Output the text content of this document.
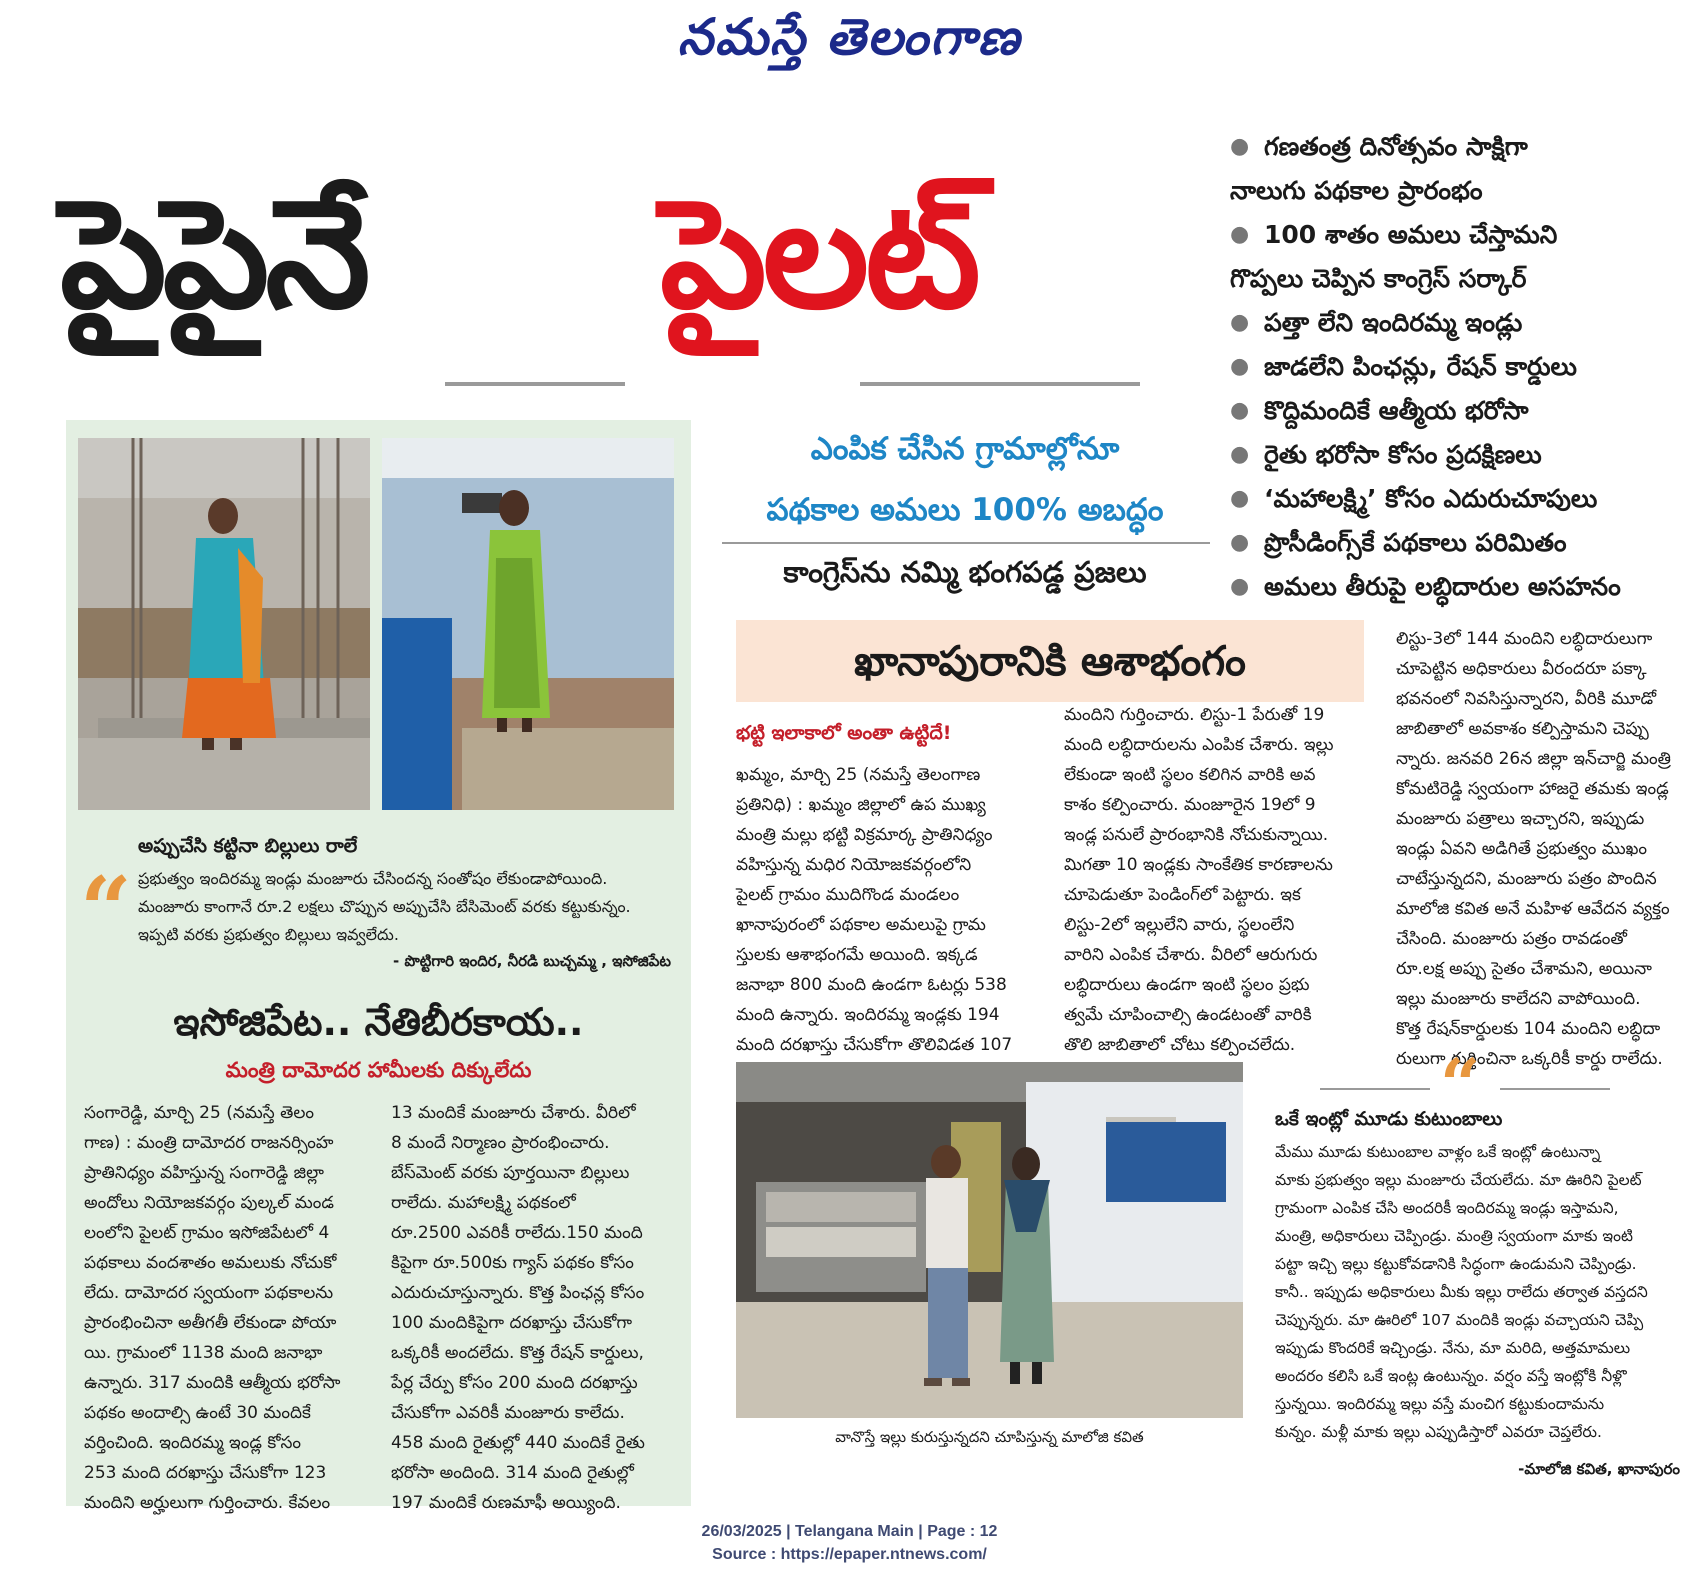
నమస్తే తెలంగాణ
పైపైనే పైలట్
● గణతంత్ర దినోత్సవం సాక్షిగా
నాలుగు పథకాల ప్రారంభం
● 100 శాతం అమలు చేస్తామని
గొప్పలు చెప్పిన కాంగ్రెస్ సర్కార్
● పత్తా లేని ఇందిరమ్మ ఇండ్లు
● జాడలేని పింఛన్లు, రేషన్ కార్డులు
● కొద్దిమందికే ఆత్మీయ భరోసా
● రైతు భరోసా కోసం ప్రదక్షిణలు
● ‘మహాలక్ష్మి’ కోసం ఎదురుచూపులు
● ప్రొసీడింగ్స్‌కే పథకాలు పరిమితం
● అమలు తీరుపై లబ్ధిదారుల అసహనం
“
అప్పుచేసి కట్టినా బిల్లులు రాలే
ప్రభుత్వం ఇందిరమ్మ ఇండ్లు మంజూరు చేసిందన్న సంతోషం లేకుండాపోయింది.
మంజూరు కాంగానే రూ.2 లక్షలు చొప్పున అప్పుచేసి బేసిమెంట్ వరకు కట్టుకున్నం.
ఇప్పటి వరకు ప్రభుత్వం బిల్లులు ఇవ్వలేదు.
- పొట్టిగారి ఇందిర, నీరడి బుచ్చమ్మ , ఇసోజిపేట
ఇసోజిపేట.. నేతిబీరకాయ..
మంత్రి దామోదర హామీలకు దిక్కులేదు
సంగారెడ్డి, మార్చి 25 (నమస్తే తెలం
గాణ) : మంత్రి దామోదర రాజనర్సింహ
ప్రాతినిధ్యం వహిస్తున్న సంగారెడ్డి జిల్లా
అందోలు నియోజకవర్గం పుల్కల్ మండ
లంలోని పైలట్ గ్రామం ఇసోజిపేటలో 4
పథకాలు వందశాతం అమలుకు నోచుకో
లేదు. దామోదర స్వయంగా పథకాలను
ప్రారంభించినా అతీగతీ లేకుండా పోయా
యి. గ్రామంలో 1138 మంది జనాభా
ఉన్నారు. 317 మందికి ఆత్మీయ భరోసా
పథకం అందాల్సి ఉంటే 30 మందికే
వర్తించింది. ఇందిరమ్మ ఇండ్ల కోసం
253 మంది దరఖాస్తు చేసుకోగా 123
మందిని అర్హులుగా గుర్తించారు. కేవలం
13 మందికే మంజూరు చేశారు. వీరిలో
8 మందే నిర్మాణం ప్రారంభించారు.
బేస్‌మెంట్ వరకు పూర్తయినా బిల్లులు
రాలేదు. మహాలక్ష్మి పథకంలో
రూ.2500 ఎవరికీ రాలేదు.150 మంది
కిపైగా రూ.500కు గ్యాస్ పథకం కోసం
ఎదురుచూస్తున్నారు. కొత్త పింఛన్ల కోసం
100 మందికిపైగా దరఖాస్తు చేసుకోగా
ఒక్కరికీ అందలేదు. కొత్త రేషన్ కార్డులు,
పేర్ల చేర్పు కోసం 200 మంది దరఖాస్తు
చేసుకోగా ఎవరికీ మంజూరు కాలేదు.
458 మంది రైతుల్లో 440 మందికే రైతు
భరోసా అందింది. 314 మంది రైతుల్లో
197 మందికే రుణమాఫీ అయ్యింది.
ఎంపిక చేసిన గ్రామాల్లోనూ
పథకాల అమలు 100% అబద్ధం
కాంగ్రెస్‌ను నమ్మి భంగపడ్డ ప్రజలు
ఖానాపురానికి ఆశాభంగం
భట్టి ఇలాకాలో అంతా ఉట్టిదే!
ఖమ్మం, మార్చి 25 (నమస్తే తెలంగాణ
ప్రతినిధి) : ఖమ్మం జిల్లాలో ఉప ముఖ్య
మంత్రి మల్లు భట్టి విక్రమార్క ప్రాతినిధ్యం
వహిస్తున్న మధిర నియోజకవర్గంలోని
పైలట్ గ్రామం ముదిగొండ మండలం
ఖానాపురంలో పథకాల అమలుపై గ్రామ
స్తులకు ఆశాభంగమే అయింది. ఇక్కడ
జనాభా 800 మంది ఉండగా ఓటర్లు 538
మంది ఉన్నారు. ఇందిరమ్మ ఇండ్లకు 194
మంది దరఖాస్తు చేసుకోగా తొలివిడత 107
మందిని గుర్తించారు. లిస్టు-1 పేరుతో 19
మంది లబ్ధిదారులను ఎంపిక చేశారు. ఇల్లు
లేకుండా ఇంటి స్థలం కలిగిన వారికి అవ
కాశం కల్పించారు. మంజూరైన 19లో 9
ఇండ్ల పనులే ప్రారంభానికి నోచుకున్నాయి.
మిగతా 10 ఇండ్లకు సాంకేతిక కారణాలను
చూపెడుతూ పెండింగ్‌లో పెట్టారు. ఇక
లిస్టు-2లో ఇల్లులేని వారు, స్థలంలేని
వారిని ఎంపిక చేశారు. వీరిలో ఆరుగురు
లబ్ధిదారులు ఉండగా ఇంటి స్థలం ప్రభు
త్వమే చూపించాల్సి ఉండటంతో వారికి
తొలి జాబితాలో చోటు కల్పించలేదు.
లిస్టు-3లో 144 మందిని లబ్ధిదారులుగా
చూపెట్టిన అధికారులు వీరందరూ పక్కా
భవనంలో నివసిస్తున్నారని, వీరికి మూడో
జాబితాలో అవకాశం కల్పిస్తామని చెప్పు
న్నారు. జనవరి 26న జిల్లా ఇన్‌చార్జి మంత్రి
కోమటిరెడ్డి స్వయంగా హాజరై తమకు ఇండ్ల
మంజూరు పత్రాలు ఇచ్చారని, ఇప్పుడు
ఇండ్లు ఏవని అడిగితే ప్రభుత్వం ముఖం
చాటేస్తున్నదని, మంజూరు పత్రం పొందిన
మాలోజి కవిత అనే మహిళ ఆవేదన వ్యక్తం
చేసింది. మంజూరు పత్రం రావడంతో
రూ.లక్ష అప్పు సైతం చేశామని, అయినా
ఇల్లు మంజూరు కాలేదని వాపోయింది.
కొత్త రేషన్‌కార్డులకు 104 మందిని లబ్ధిదా
రులుగా గుర్తించినా ఒక్కరికీ కార్డు రాలేదు.
వానొస్తే ఇల్లు కురుస్తున్నదని చూపిస్తున్న మాలోజి కవిత
“
ఒకే ఇంట్లో మూడు కుటుంబాలు
మేము మూడు కుటుంబాల వాళ్లం ఒకే ఇంట్లో ఉంటున్నా
మాకు ప్రభుత్వం ఇల్లు మంజూరు చేయలేదు. మా ఊరిని పైలట్
గ్రామంగా ఎంపిక చేసి అందరికీ ఇందిరమ్మ ఇండ్లు ఇస్తామని,
మంత్రి, అధికారులు చెప్పిండ్రు. మంత్రి స్వయంగా మాకు ఇంటి
పట్టా ఇచ్చి ఇల్లు కట్టుకోవడానికి సిద్ధంగా ఉండుమని చెప్పిండ్రు.
కానీ.. ఇప్పుడు అధికారులు మీకు ఇల్లు రాలేదు తర్వాత వస్తదని
చెప్పున్నరు. మా ఊరిలో 107 మందికి ఇండ్లు వచ్చాయని చెప్పి
ఇప్పుడు కొందరికే ఇచ్చిండ్రు. నేను, మా మరిది, అత్తమామలు
అందరం కలిసి ఒకే ఇంట్ల ఉంటున్నం. వర్షం వస్తే ఇంట్లోకి నీళ్లొ
స్తున్నయి. ఇందిరమ్మ ఇల్లు వస్తే మంచిగ కట్టుకుందామను
కున్నం. మళ్లీ మాకు ఇల్లు ఎప్పుడిస్తారో ఎవరూ చెప్తలేరు.
-మాలోజి కవిత, ఖానాపురం
26/03/2025 | Telangana Main | Page : 12
Source : https://epaper.ntnews.com/
